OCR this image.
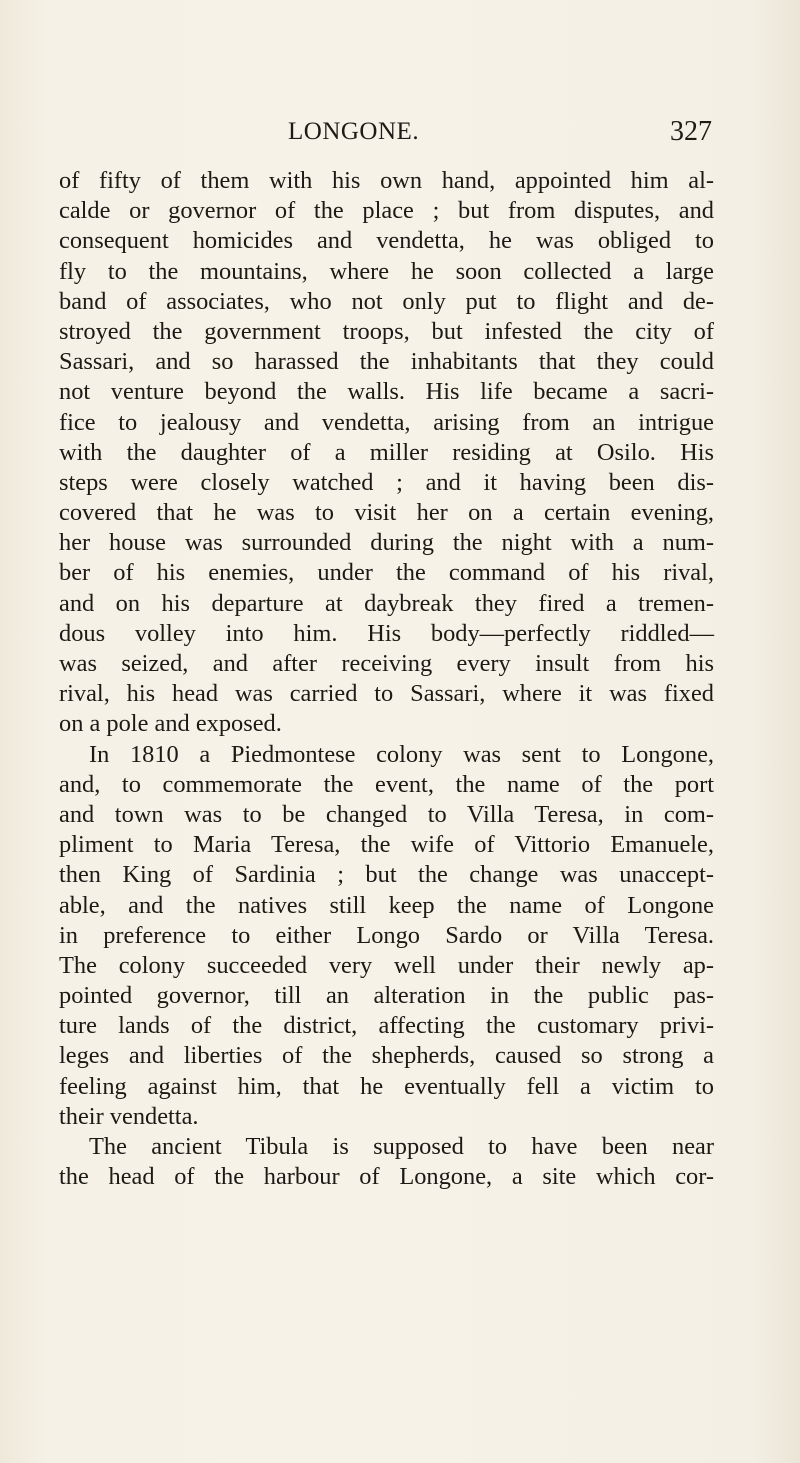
LONGONE.	327
of fifty of them with his own hand, appointed him al-
calde or governor of the place ; but from disputes, and
consequent homicides and vendetta, he was obliged to
fly to the mountains, where he soon collected a large
band of associates, who not only put to flight and de-
stroyed the government troops, but infested the city of
Sassari, and so harassed the inhabitants that they could
not venture beyond the walls. His life became a sacri-
fice to jealousy and vendetta, arising from an intrigue
with the daughter of a miller residing at Osilo. His
steps were closely watched ; and it having been dis-
covered that he was to visit her on a certain evening,
her house was surrounded during the night with a num-
ber of his enemies, under the command of his rival,
and on his departure at daybreak they fired a tremen-
dous volley into him. His body—perfectly riddled—
was seized, and after receiving every insult from his
rival, his head was carried to Sassari, where it was fixed
on a pole and exposed.
In 1810 a Piedmontese colony was sent to Longone,
and, to commemorate the event, the name of the port
and town was to be changed to Villa Teresa, in com-
pliment to Maria Teresa, the wife of Vittorio Emanuele,
then King of Sardinia ; but the change was unaccept-
able, and the natives still keep the name of Longone
in preference to either Longo Sardo or Villa Teresa.
The colony succeeded very well under their newly ap-
pointed governor, till an alteration in the public pas-
ture lands of the district, affecting the customary privi-
leges and liberties of the shepherds, caused so strong a
feeling against him, that he eventually fell a victim to
their vendetta.
The ancient Tibula is supposed to have been near
the head of the harbour of Longone, a site which cor-
